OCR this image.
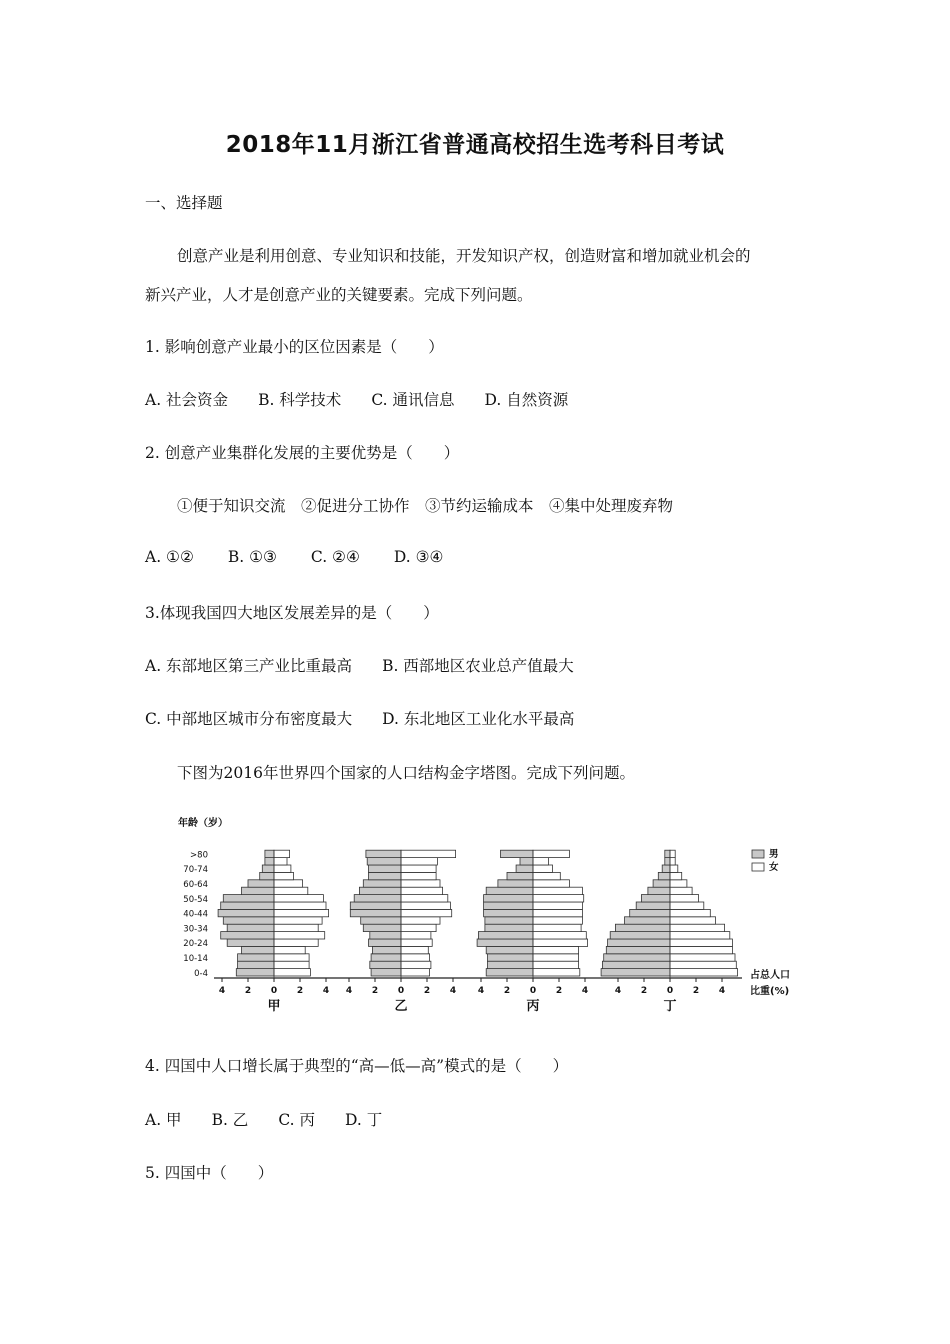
2018年11月浙江省普通高校招生选考科目考试

一、选择题

创意产业是利用创意、专业知识和技能，开发知识产权，创造财富和增加就业机会的

新兴产业，人才是创意产业的关键要素。完成下列问题。

1. 影响创意产业最小的区位因素是（　　）

A. 社会资金 B. 科学技术 C. 通讯信息 D. 自然资源

2. 创意产业集群化发展的主要优势是（　　）

①便于知识交流　②促进分工协作　③节约运输成本　④集中处理废弃物

A. ①② B. ①③ C. ②④ D. ③④

3.体现我国四大地区发展差异的是（　　）

A. 东部地区第三产业比重最高 B. 西部地区农业总产值最大

C. 中部地区城市分布密度最大 D. 东北地区工业化水平最高

下图为2016年世界四个国家的人口结构金字塔图。完成下列问题。

年龄（岁）
0-4
10-14
20-24
30-34
40-44
50-54
60-64
70-74
>80
4 2 0 2 4
甲
4 2 0 2 4
乙
4 2 0 2 4
丙
4 2 0 2 4
丁
男
女
占总人口
比重(%)

4. 四国中人口增长属于典型的“高—低—高”模式的是（　　）

A. 甲 B. 乙 C. 丙 D. 丁

5. 四国中（　　）
